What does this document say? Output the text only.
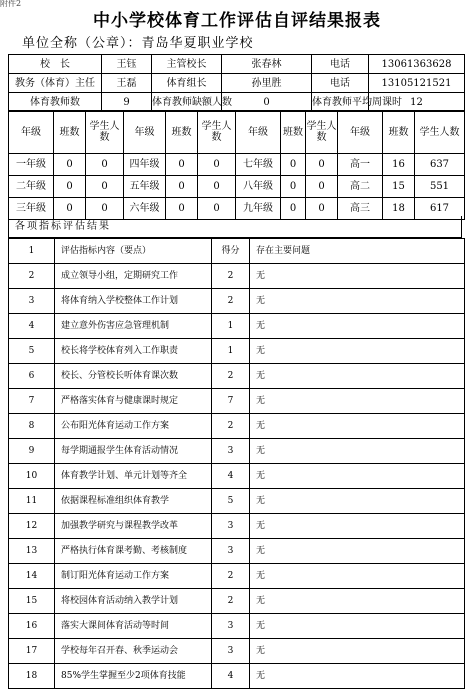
附件2
中小学校体育工作评估自评结果报表
单位全称（公章）：青岛华夏职业学校
校　长	王钰	主管校长	张春林	电话	13061363628
教务（体育）主任	王磊	体育组长	孙里胜	电话	13105121521
体育教师数	9	体育教师缺额人数	0	体育教师平均周课时	12
年级	班数	学生人数	年级	班数	学生人数	年级	班数	学生人数	年级	班数	学生人数
一年级	0	0	四年级	0	0	七年级	0	0	高一	16	637
二年级	0	0	五年级	0	0	八年级	0	0	高二	15	551
三年级	0	0	六年级	0	0	九年级	0	0	高三	18	617
各项指标评估结果
1	评估指标内容（要点）	得分	存在主要问题
2	成立领导小组，定期研究工作	2	无
3	将体育纳入学校整体工作计划	2	无
4	建立意外伤害应急管理机制	1	无
5	校长将学校体育列入工作职责	1	无
6	校长、分管校长听体育课次数	2	无
7	严格落实体育与健康课时规定	7	无
8	公布阳光体育运动工作方案	2	无
9	每学期通报学生体育活动情况	3	无
10	体育教学计划、单元计划等齐全	4	无
11	依据课程标准组织体育教学	5	无
12	加强教学研究与课程教学改革	3	无
13	严格执行体育课考勤、考核制度	3	无
14	制订阳光体育运动工作方案	2	无
15	将校园体育活动纳入教学计划	2	无
16	落实大课间体育活动等时间	3	无
17	学校每年召开春、秋季运动会	3	无
18	85%学生掌握至少2项体育技能	4	无
